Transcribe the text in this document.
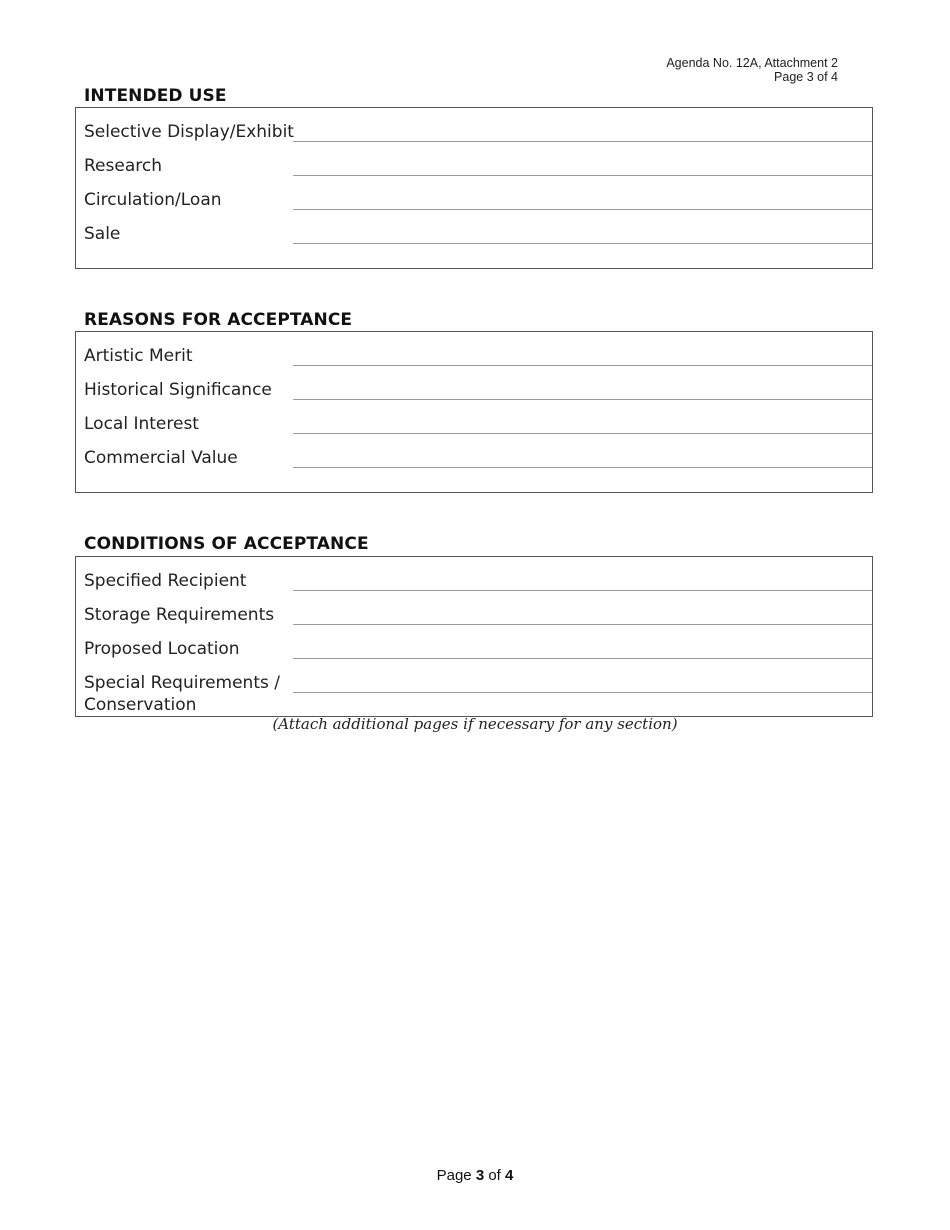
Agenda No. 12A, Attachment 2
Page 3 of 4
INTENDED USE
Selective Display/Exhibit
Research
Circulation/Loan
Sale
REASONS FOR ACCEPTANCE
Artistic Merit
Historical Significance
Local Interest
Commercial Value
CONDITIONS OF ACCEPTANCE
Specified Recipient
Storage Requirements
Proposed Location
Special Requirements / Conservation
(Attach additional pages if necessary for any section)
Page 3 of 4
